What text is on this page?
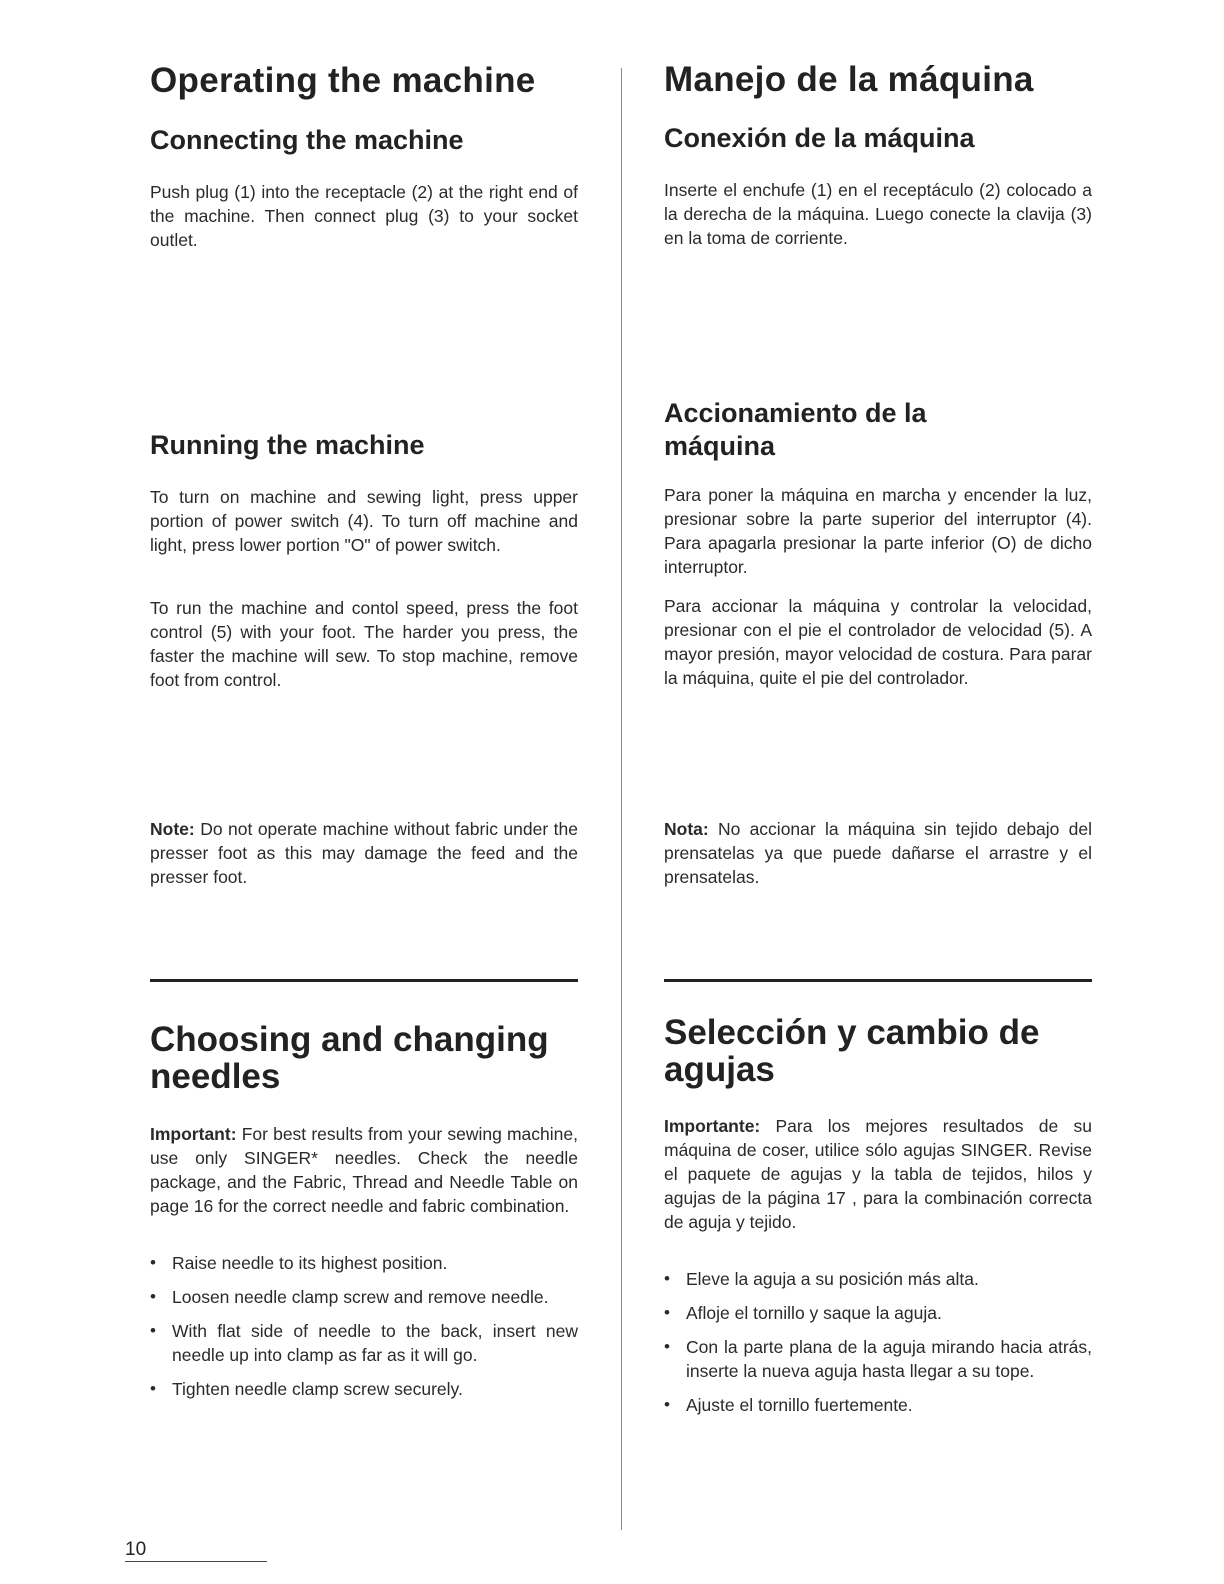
Operating the machine
Connecting the machine

Push plug (1) into the receptacle (2) at the right end of the machine. Then connect plug (3) to your socket outlet.

Running the machine

To turn on machine and sewing light, press upper portion of power switch (4). To turn off machine and light, press lower portion "O" of power switch.

To run the machine and contol speed, press the foot control (5) with your foot. The harder you press, the faster the machine will sew. To stop machine, remove foot from control.

Note: Do not operate machine without fabric under the presser foot as this may damage the feed and the presser foot.

Choosing and changing needles

Important: For best results from your sewing machine, use only SINGER* needles. Check the needle package, and the Fabric, Thread and Needle Table on page 16 for the correct needle and fabric combination.

• Raise needle to its highest position.
• Loosen needle clamp screw and remove needle.
• With flat side of needle to the back, insert new needle up into clamp as far as it will go.
• Tighten needle clamp screw securely.
Manejo de la máquina
Conexión de la máquina

Inserte el enchufe (1) en el receptáculo (2) colocado a la derecha de la máquina. Luego conecte la clavija (3) en la toma de corriente.

Accionamiento de la máquina

Para poner la máquina en marcha y encender la luz, presionar sobre la parte superior del interruptor (4). Para apagarla presionar la parte inferior (O) de dicho interruptor.

Para accionar la máquina y controlar la velocidad, presionar con el pie el controlador de velocidad (5). A mayor presión, mayor velocidad de costura. Para parar la máquina, quite el pie del controlador.

Nota: No accionar la máquina sin tejido debajo del prensatelas ya que puede dañarse el arrastre y el prensatelas.

Selección y cambio de agujas

Importante: Para los mejores resultados de su máquina de coser, utilice sólo agujas SINGER. Revise el paquete de agujas y la tabla de tejidos, hilos y agujas de la página 17 , para la combinación correcta de aguja y tejido.

• Eleve la aguja a su posición más alta.
• Afloje el tornillo y saque la aguja.
• Con la parte plana de la aguja mirando hacia atrás, inserte la nueva aguja hasta llegar a su tope.
• Ajuste el tornillo fuertemente.
10
